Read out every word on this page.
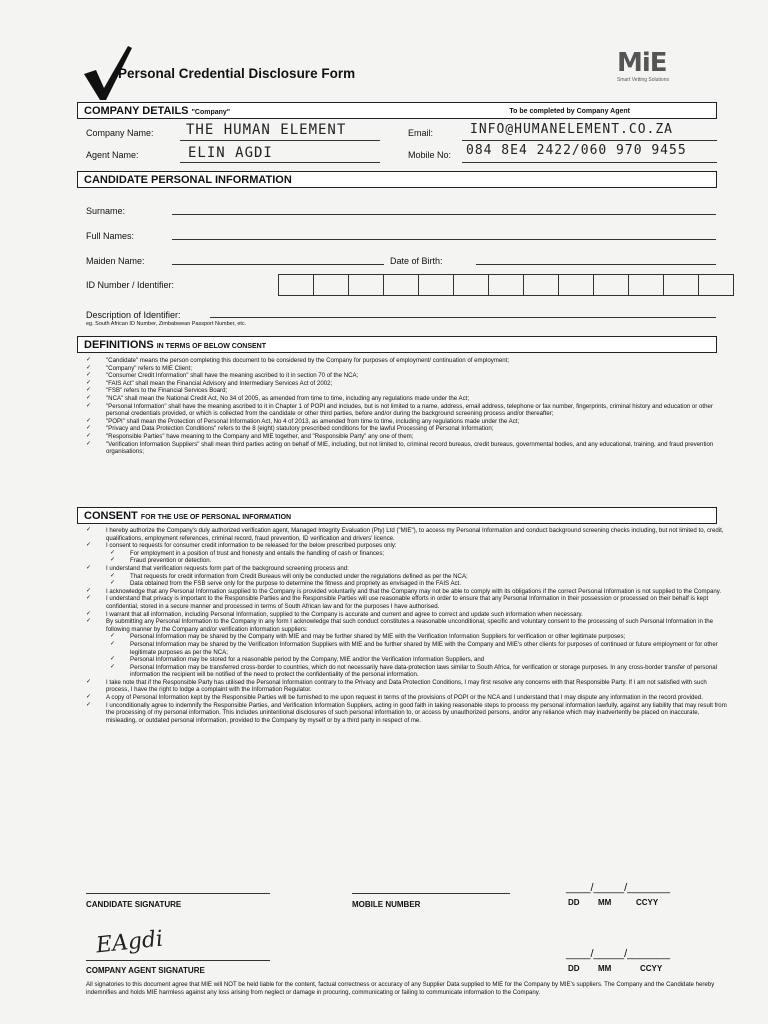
Personal Credential Disclosure Form	MiE
Smart Vetting Solutions
COMPANY DETAILS "Company"	To be completed by Company Agent
Company Name: THE HUMAN ELEMENT
Agent Name:	ELIN AGDI
Email:	INFO@HUMANELEMENT.CO.ZA
Mobile No: 084 8E4 2422/060 970 9455
CANDIDATE PERSONAL INFORMATION
Surname:
Full Names:
Maiden Name:	Date of Birth:
ID Number / Identifier:
Description of Identifier:
eg. South African ID Number, Zimbabwean Passport Number, etc.
DEFINITIONS IN TERMS OF BELOW CONSENT
✓ "Candidate" means the person completing this document to be considered by the Company for purposes of employment/ continuation of employment;
✓ "Company" refers to MIE Client;
✓ "Consumer Credit Information" shall have the meaning ascribed to it in section 70 of the NCA;
✓ "FAIS Act" shall mean the Financial Advisory and Intermediary Services Act of 2002;
✓ "FSB" refers to the Financial Services Board;
✓ "NCA" shall mean the National Credit Act, No 34 of 2005, as amended from time to time, including any regulations made under the Act;
✓ "Personal Information" shall have the meaning ascribed to it in Chapter 1 of POPI and includes, but is not limited to a name, address, email address, telephone or fax number, fingerprints, criminal history and education or other personal credentials provided, or which is collected from the candidate or other third parties, before and/or during the background screening process and/or thereafter;
✓ "POPI" shall mean the Protection of Personal Information Act, No 4 of 2013, as amended from time to time, including any regulations made under the Act;
✓ "Privacy and Data Protection Conditions" refers to the 8 (eight) statutory prescribed conditions for the lawful Processing of Personal Information;
✓ "Responsible Parties" have meaning to the Company and MIE together, and "Responsible Party" any one of them;
✓ "Verification Information Suppliers" shall mean third parties acting on behalf of MIE, including, but not limited to, criminal record bureaus, credit bureaus, governmental bodies, and any educational, training, and fraud prevention organisations;
CONSENT FOR THE USE OF PERSONAL INFORMATION
✓ I hereby authorize the Company's duly authorized verification agent, Managed Integrity Evaluation (Pty) Ltd ("MIE"), to access my Personal Information and conduct background screening checks including, but not limited to, credit, qualifications, employment references, criminal record, fraud prevention, ID verification and drivers' licence.
✓ I consent to requests for consumer credit information to be released for the below prescribed purposes only:
✓ For employment in a position of trust and honesty and entails the handling of cash or finances;
✓ Fraud prevention or detection.
✓ I understand that verification requests form part of the background screening process and:
✓ That requests for credit information from Credit Bureaus will only be conducted under the regulations defined as per the NCA;
✓ Data obtained from the FSB serve only for the purpose to determine the fitness and propriety as envisaged in the FAIS Act.
✓ I acknowledge that any Personal Information supplied to the Company is provided voluntarily and that the Company may not be able to comply with its obligations if the correct Personal Information is not supplied to the Company.
✓ I understand that privacy is important to the Responsible Parties and the Responsible Parties will use reasonable efforts in order to ensure that any Personal Information in their possession or processed on their behalf is kept confidential, stored in a secure manner and processed in terms of South African law and for the purposes I have authorised.
✓ I warrant that all information, including Personal Information, supplied to the Company is accurate and current and agree to correct and update such information when necessary.
✓ By submitting any Personal Information to the Company in any form I acknowledge that such conduct constitutes a reasonable unconditional, specific and voluntary consent to the processing of such Personal Information in the following manner by the Company and/or verification information suppliers:
✓ Personal Information may be shared by the Company with MIE and may be further shared by MIE with the Verification Information Suppliers for verification or other legitimate purposes;
✓ Personal Information may be shared by the Verification Information Suppliers with MIE and be further shared by MIE with the Company and MIE's other clients for purposes of continued or future employment or for other legitimate purposes as per the NCA;
✓ Personal Information may be stored for a reasonable period by the Company, MIE and/or the Verification Information Suppliers, and
✓ Personal Information may be transferred cross-border to countries, which do not necessarily have data-protection laws similar to South Africa, for verification or storage purposes. In any cross-border transfer of personal information the recipient will be notified of the need to protect the confidentiality of the personal information.
✓ I take note that if the Responsible Party has utilised the Personal Information contrary to the Privacy and Data Protection Conditions, I may first resolve any concerns with that Responsible Party. If I am not satisfied with such process, I have the right to lodge a complaint with the Information Regulator.
✓ A copy of Personal Information kept by the Responsible Parties will be furnished to me upon request in terms of the provisions of POPI or the NCA and I understand that I may dispute any information in the record provided.
✓ I unconditionally agree to indemnify the Responsible Parties, and Verification Information Suppliers, acting in good faith in taking reasonable steps to process my personal information lawfully, against any liability that may result from the processing of my personal information. This includes unintentional disclosures of such personal information to, or access by unauthorized persons, and/or any reliance which may inadvertently be placed on inaccurate, misleading, or outdated personal information, provided to the Company by myself or by a third party in respect of me.
CANDIDATE SIGNATURE	MOBILE NUMBER
____/_____/_______
DD MM	CCYY
EAgdi
COMPANY AGENT SIGNATURE
____/_____/_______
DD MM	CCYY
All signatories to this document agree that MIE will NOT be held liable for the content, factual correctness or accuracy of any Supplier Data supplied to MIE for the Company by MIE's suppliers. The Company and the Candidate hereby indemnifies and holds MIE harmless against any loss arising from neglect or damage in procuring, communicating or failing to communicate information to the Company.
